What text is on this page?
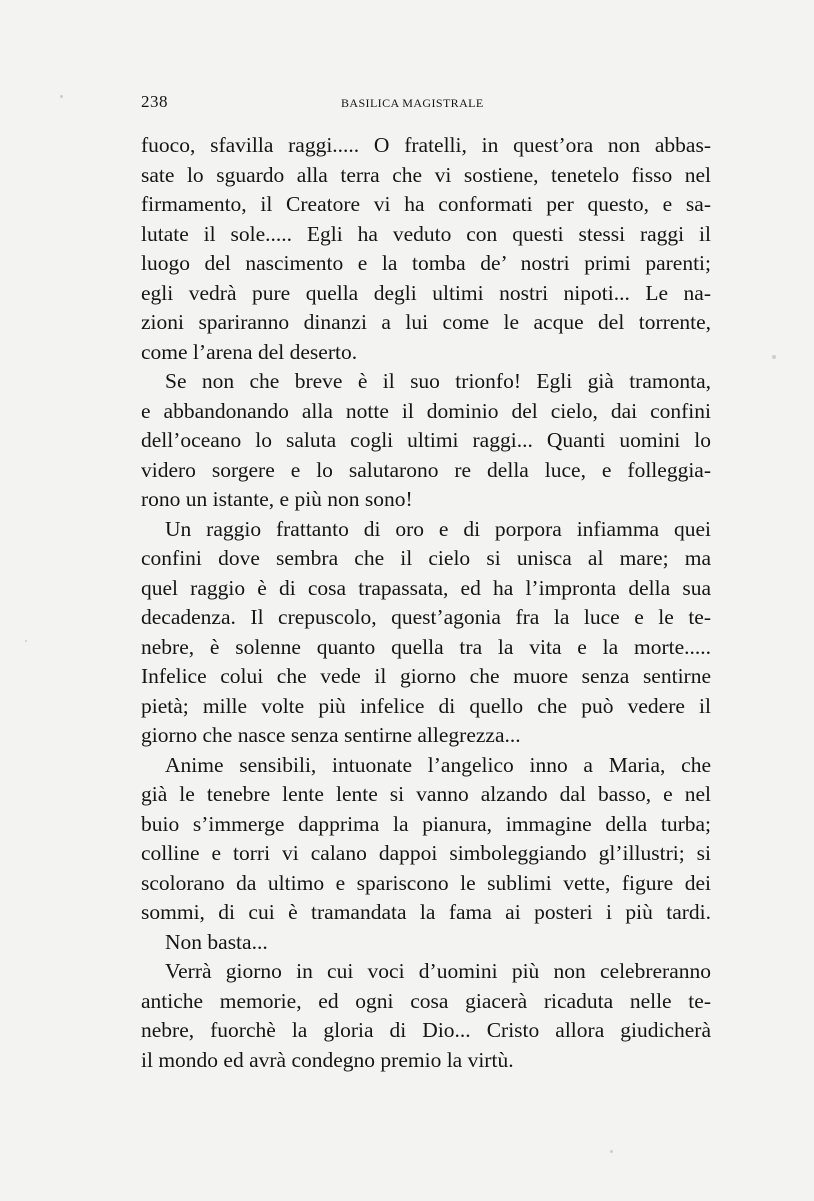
238	BASILICA MAGISTRALE
fuoco, sfavilla raggi..... O fratelli, in quest’ora non abbas-
sate lo sguardo alla terra che vi sostiene, tenetelo fisso nel
firmamento, il Creatore vi ha conformati per questo, e sa-
lutate il sole..... Egli ha veduto con questi stessi raggi il
luogo del nascimento e la tomba de’ nostri primi parenti;
egli vedrà pure quella degli ultimi nostri nipoti... Le na-
zioni spariranno dinanzi a lui come le acque del torrente,
come l’arena del deserto.
Se non che breve è il suo trionfo! Egli già tramonta,
e abbandonando alla notte il dominio del cielo, dai confini
dell’oceano lo saluta cogli ultimi raggi... Quanti uomini lo
videro sorgere e lo salutarono re della luce, e folleggia-
rono un istante, e più non sono!
Un raggio frattanto di oro e di porpora infiamma quei
confini dove sembra che il cielo si unisca al mare; ma
quel raggio è di cosa trapassata, ed ha l’impronta della sua
decadenza. Il crepuscolo, quest’agonia fra la luce e le te-
nebre, è solenne quanto quella tra la vita e la morte.....
Infelice colui che vede il giorno che muore senza sentirne
pietà; mille volte più infelice di quello che può vedere il
giorno che nasce senza sentirne allegrezza...
Anime sensibili, intuonate l’angelico inno a Maria, che
già le tenebre lente lente si vanno alzando dal basso, e nel
buio s’immerge dapprima la pianura, immagine della turba;
colline e torri vi calano dappoi simboleggiando gl’illustri; si
scolorano da ultimo e spariscono le sublimi vette, figure dei
sommi, di cui è tramandata la fama ai posteri i più tardi.
Non basta...
Verrà giorno in cui voci d’uomini più non celebreranno
antiche memorie, ed ogni cosa giacerà ricaduta nelle te-
nebre, fuorchè la gloria di Dio... Cristo allora giudicherà
il mondo ed avrà condegno premio la virtù.
